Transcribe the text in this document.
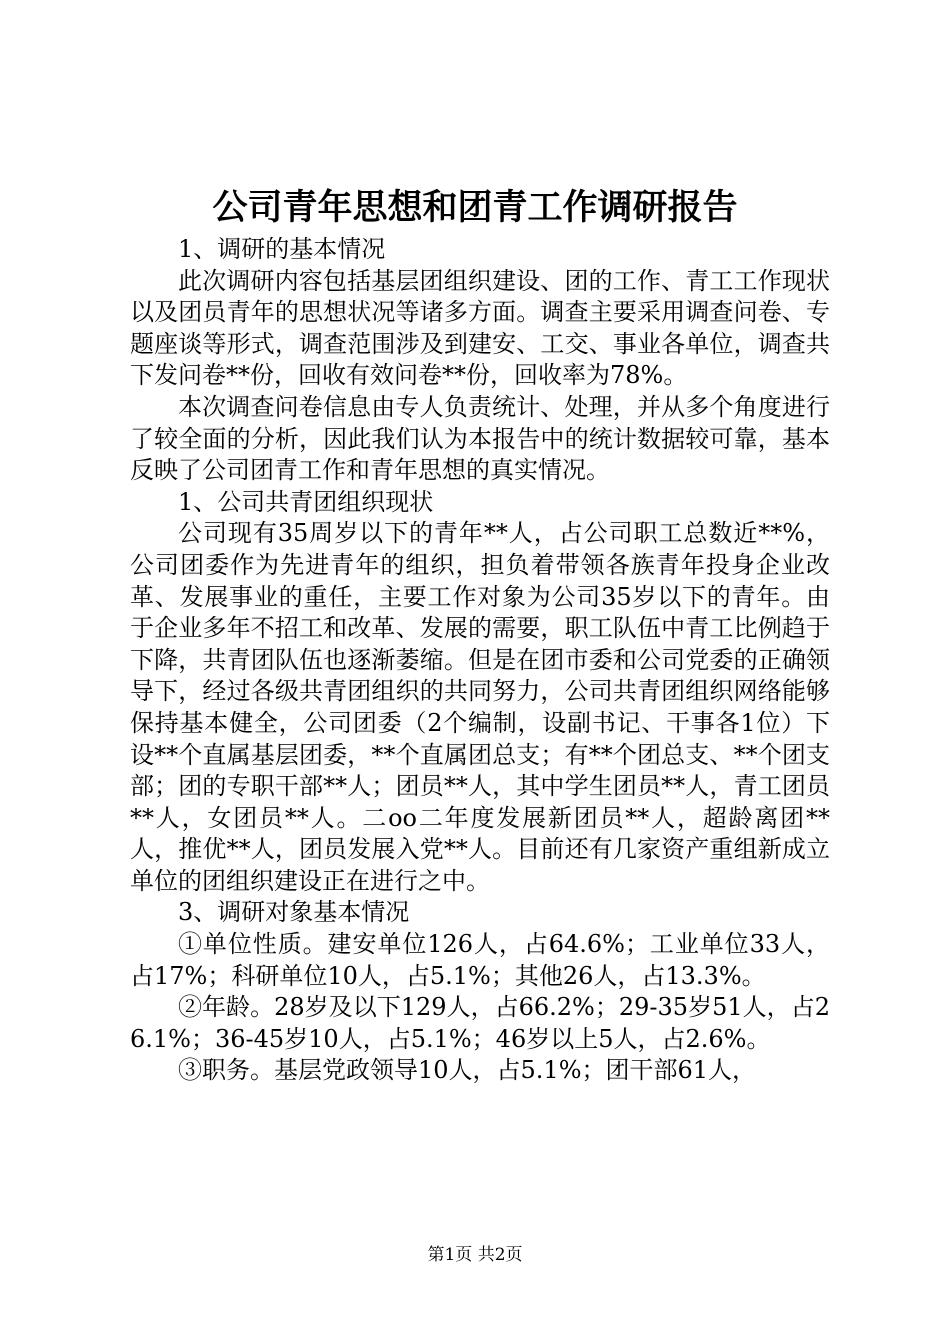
公司青年思想和团青工作调研报告

1、调研的基本情况

此次调研内容包括基层团组织建设、团的工作、青工工作现状以及团员青年的思想状况等诸多方面。调查主要采用调查问卷、专题座谈等形式，调查范围涉及到建安、工交、事业各单位，调查共下发问卷**份，回收有效问卷**份，回收率为78%。

本次调查问卷信息由专人负责统计、处理，并从多个角度进行了较全面的分析，因此我们认为本报告中的统计数据较可靠，基本反映了公司团青工作和青年思想的真实情况。

1、公司共青团组织现状

公司现有35周岁以下的青年**人，占公司职工总数近**%，公司团委作为先进青年的组织，担负着带领各族青年投身企业改革、发展事业的重任，主要工作对象为公司35岁以下的青年。由于企业多年不招工和改革、发展的需要，职工队伍中青工比例趋于下降，共青团队伍也逐渐萎缩。但是在团市委和公司党委的正确领导下，经过各级共青团组织的共同努力，公司共青团组织网络能够保持基本健全，公司团委（2个编制，设副书记、干事各1位）下设**个直属基层团委，**个直属团总支；有**个团总支、**个团支部；团的专职干部**人；团员**人，其中学生团员**人，青工团员**人，女团员**人。二oo二年度发展新团员**人，超龄离团**人，推优**人，团员发展入党**人。目前还有几家资产重组新成立单位的团组织建设正在进行之中。

3、调研对象基本情况

①单位性质。建安单位126人，占64.6%；工业单位33人，占17%；科研单位10人，占5.1%；其他26人，占13.3%。

②年龄。28岁及以下129人，占66.2%；29-35岁51人，占26.1%；36-45岁10人，占5.1%；46岁以上5人，占2.6%。

③职务。基层党政领导10人，占5.1%；团干部61人，

第1页 共2页
